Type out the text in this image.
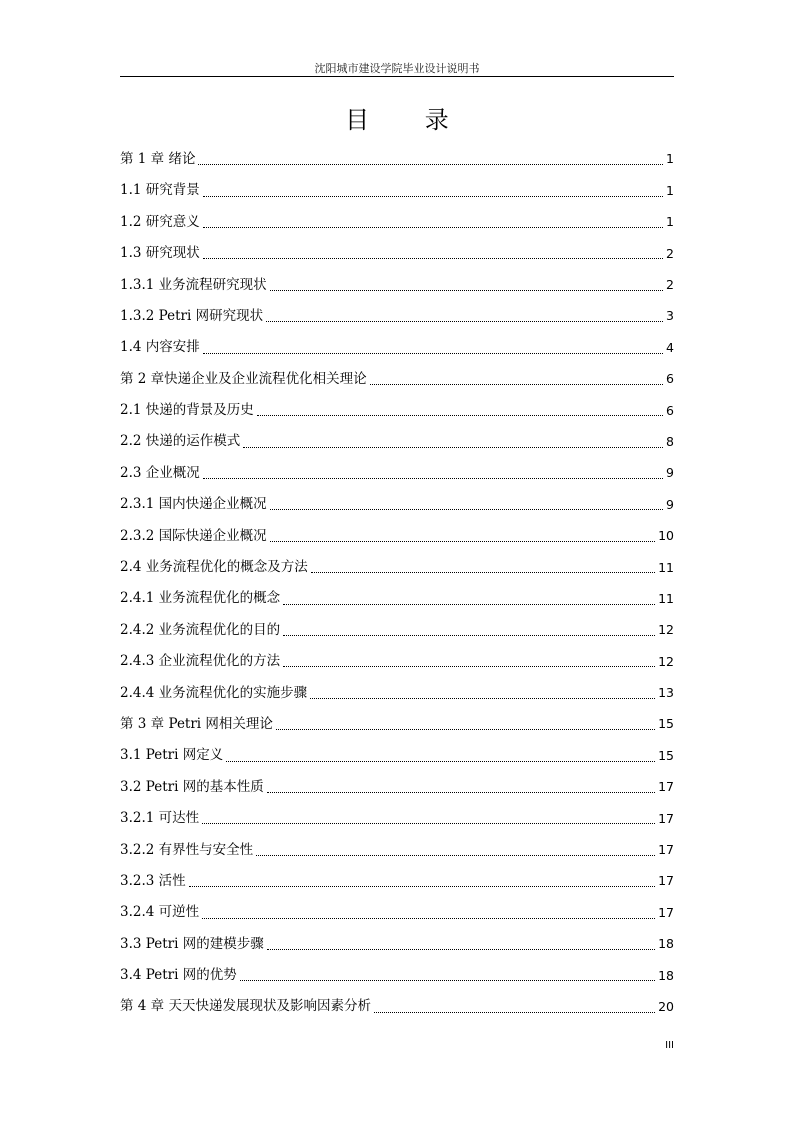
沈阳城市建设学院毕业设计说明书
目 录
第 1 章 绪论	1
1.1 研究背景	1
1.2 研究意义	1
1.3 研究现状	2
1.3.1 业务流程研究现状	2
1.3.2 Petri 网研究现状	3
1.4 内容安排	4
第 2 章快递企业及企业流程优化相关理论	6
2.1 快递的背景及历史	6
2.2 快递的运作模式	8
2.3 企业概况	9
2.3.1 国内快递企业概况	9
2.3.2 国际快递企业概况	10
2.4 业务流程优化的概念及方法	11
2.4.1 业务流程优化的概念	11
2.4.2 业务流程优化的目的	12
2.4.3 企业流程优化的方法	12
2.4.4 业务流程优化的实施步骤	13
第 3 章 Petri 网相关理论	15
3.1 Petri 网定义	15
3.2 Petri 网的基本性质	17
3.2.1 可达性	17
3.2.2 有界性与安全性	17
3.2.3 活性	17
3.2.4 可逆性	17
3.3 Petri 网的建模步骤	18
3.4 Petri 网的优势	18
第 4 章 天天快递发展现状及影响因素分析	20
III
